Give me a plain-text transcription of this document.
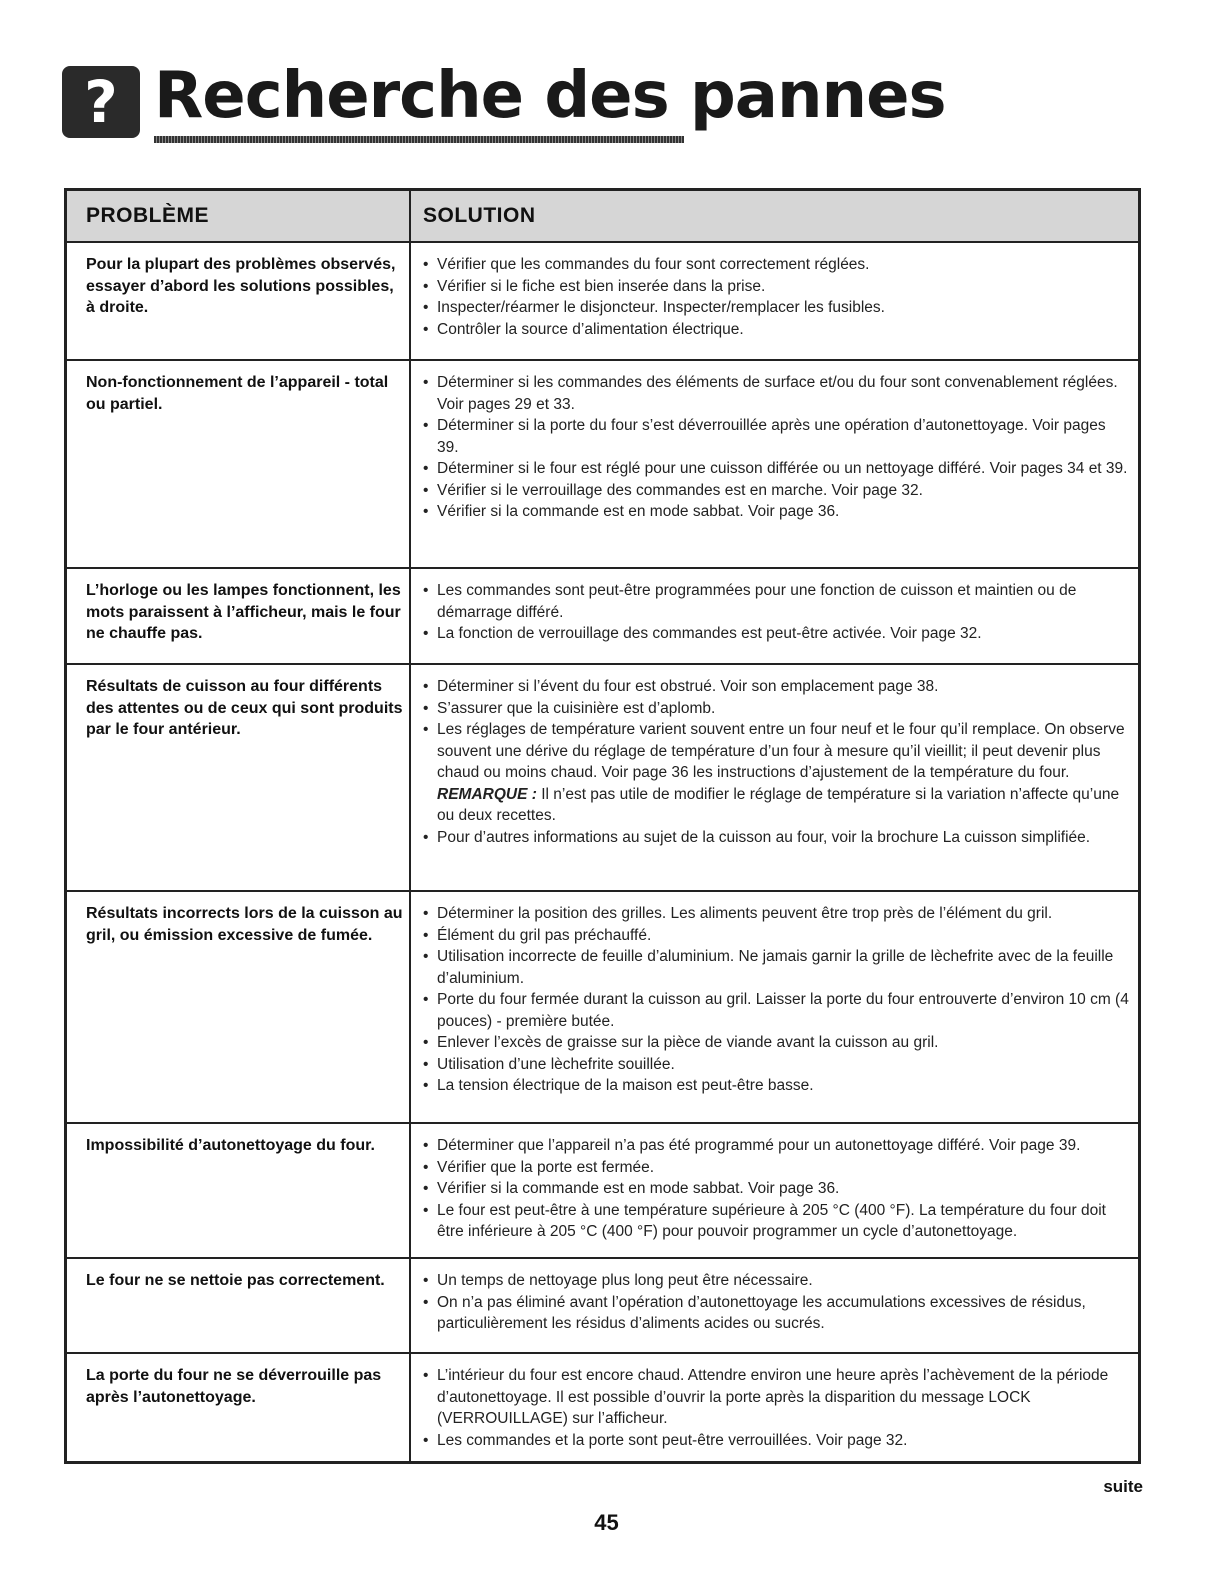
? Recherche des pannes
PROBLÈME	SOLUTION
Pour la plupart des problèmes observés, essayer d’abord les solutions possibles, à droite.
• Vérifier que les commandes du four sont correctement réglées.
• Vérifier si le fiche est bien inserée dans la prise.
• Inspecter/réarmer le disjoncteur. Inspecter/remplacer les fusibles.
• Contrôler la source d’alimentation électrique.
Non-fonctionnement de l’appareil - total ou partiel.
• Déterminer si les commandes des éléments de surface et/ou du four sont convenablement réglées. Voir pages 29 et 33.
• Déterminer si la porte du four s’est déverrouillée après une opération d’autonettoyage. Voir pages 39.
• Déterminer si le four est réglé pour une cuisson différée ou un nettoyage différé. Voir pages 34 et 39.
• Vérifier si le verrouillage des commandes est en marche. Voir page 32.
• Vérifier si la commande est en mode sabbat. Voir page 36.
L’horloge ou les lampes fonctionnent, les mots paraissent à l’afficheur, mais le four ne chauffe pas.
• Les commandes sont peut-être programmées pour une fonction de cuisson et maintien ou de démarrage différé.
• La fonction de verrouillage des commandes est peut-être activée. Voir page 32.
Résultats de cuisson au four différents des attentes ou de ceux qui sont produits par le four antérieur.
• Déterminer si l’évent du four est obstrué. Voir son emplacement page 38.
• S’assurer que la cuisinière est d’aplomb.
• Les réglages de température varient souvent entre un four neuf et le four qu’il remplace. On observe souvent une dérive du réglage de température d’un four à mesure qu’il vieillit; il peut devenir plus chaud ou moins chaud. Voir page 36 les instructions d’ajustement de la température du four. REMARQUE : Il n’est pas utile de modifier le réglage de température si la variation n’affecte qu’une ou deux recettes.
• Pour d’autres informations au sujet de la cuisson au four, voir la brochure La cuisson simplifiée.
Résultats incorrects lors de la cuisson au gril, ou émission excessive de fumée.
• Déterminer la position des grilles. Les aliments peuvent être trop près de l’élément du gril.
• Élément du gril pas préchauffé.
• Utilisation incorrecte de feuille d’aluminium. Ne jamais garnir la grille de lèchefrite avec de la feuille d’aluminium.
• Porte du four fermée durant la cuisson au gril. Laisser la porte du four entrouverte d’environ 10 cm (4 pouces) - première butée.
• Enlever l’excès de graisse sur la pièce de viande avant la cuisson au gril.
• Utilisation d’une lèchefrite souillée.
• La tension électrique de la maison est peut-être basse.
Impossibilité d’autonettoyage du four.	• Déterminer que l’appareil n’a pas été programmé pour un autonettoyage différé. Voir page 39.
• Vérifier que la porte est fermée.
• Vérifier si la commande est en mode sabbat. Voir page 36.
• Le four est peut-être à une température supérieure à 205 °C (400 °F). La température du four doit être inférieure à 205 °C (400 °F) pour pouvoir programmer un cycle d’autonettoyage.
Le four ne se nettoie pas correctement.	• Un temps de nettoyage plus long peut être nécessaire.
• On n’a pas éliminé avant l’opération d’autonettoyage les accumulations excessives de résidus, particulièrement les résidus d’aliments acides ou sucrés.
La porte du four ne se déverrouille pas après l’autonettoyage.
• L’intérieur du four est encore chaud. Attendre environ une heure après l’achèvement de la période d’autonettoyage. Il est possible d’ouvrir la porte après la disparition du message LOCK (VERROUILLAGE) sur l’afficheur.
• Les commandes et la porte sont peut-être verrouillées. Voir page 32.
suite
45
